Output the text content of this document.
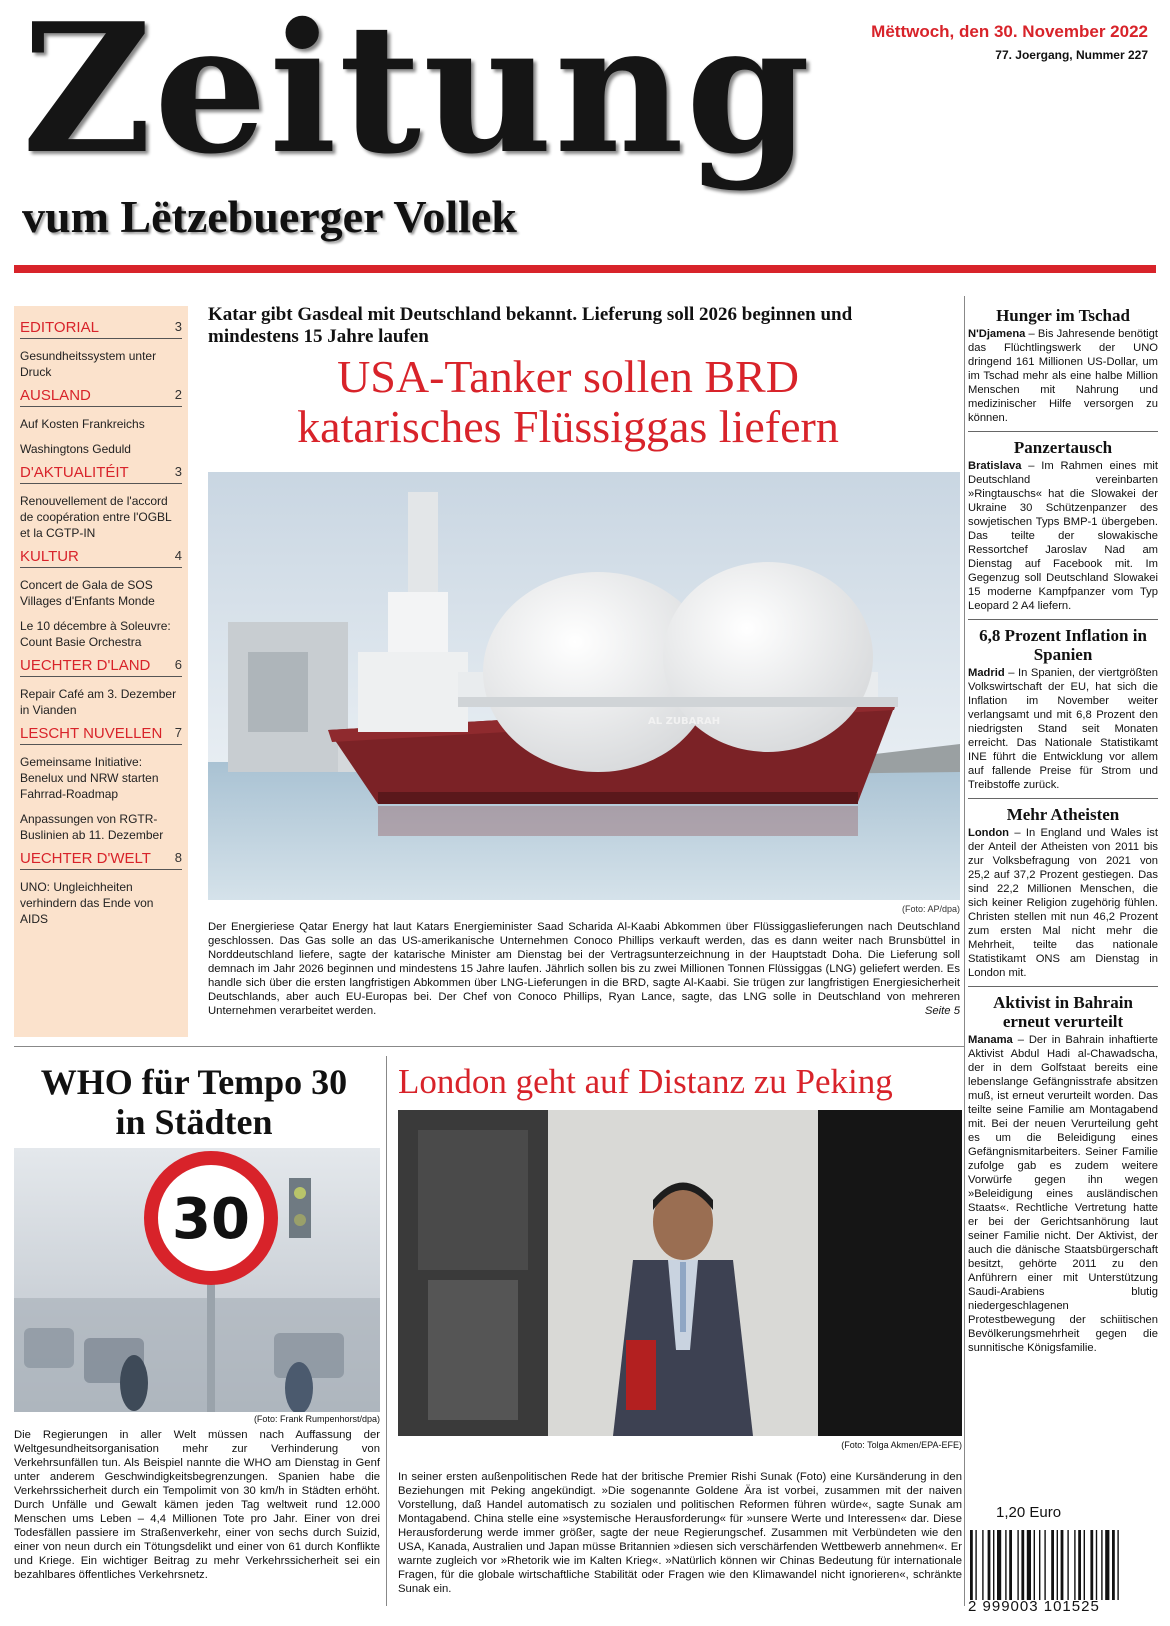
Zeitung
vum Lëtzebuerger Vollek
Mëttwoch, den 30. November 2022
77. Joergang, Nummer 227
EDITORIAL	3
Gesundheitssystem unter Druck
AUSLAND	2
Auf Kosten Frankreichs
Washingtons Geduld
D'AKTUALITÉIT	3
Renouvellement de l'accord de coopération entre l'OGBL et la CGTP-IN
KULTUR	4
Concert de Gala de SOS Villages d'Enfants Monde
Le 10 décembre à Soleuvre: Count Basie Orchestra
UECHTER D'LAND 6
Repair Café am 3. Dezember in Vianden
LESCHT NUVELLEN 7
Gemeinsame Initiative: Benelux und NRW starten Fahrrad-Roadmap
Anpassungen von RGTR-Buslinien ab 11. Dezember
UECHTER D'WELT 8
UNO: Ungleichheiten verhindern das Ende von AIDS
Katar gibt Gasdeal mit Deutschland bekannt. Lieferung soll 2026 beginnen und mindestens 15 Jahre laufen
USA-Tanker sollen BRD
katarisches Flüssiggas liefern
AL ZUBARAH
(Foto: AP/dpa)
Der Energieriese Qatar Energy hat laut Katars Energieminister Saad Scharida Al-Kaabi Abkommen über Flüssiggaslieferungen nach Deutschland geschlossen. Das Gas solle an das US-amerikanische Unternehmen Conoco Phillips verkauft werden, das es dann weiter nach Brunsbüttel in Norddeutschland liefere, sagte der katarische Minister am Dienstag bei der Vertragsunterzeichnung in der Hauptstadt Doha. Die Lieferung soll demnach im Jahr 2026 beginnen und mindestens 15 Jahre laufen. Jährlich sollen bis zu zwei Millionen Tonnen Flüssiggas (LNG) geliefert werden. Es handle sich über die ersten langfristigen Abkommen über LNG-Lieferungen in die BRD, sagte Al-Kaabi. Sie trügen zur langfristigen Energiesicherheit Deutschlands, aber auch EU-Europas bei. Der Chef von Conoco Phillips, Ryan Lance, sagte, das LNG solle in Deutschland von mehreren Unternehmen verarbeitet werden.	Seite 5
Hunger im Tschad
N'Djamena – Bis Jahresende benötigt das Flüchtlingswerk der UNO dringend 161 Millionen US-Dollar, um im Tschad mehr als eine halbe Million Menschen mit Nahrung und medizinischer Hilfe versorgen zu können.
Panzertausch
Bratislava – Im Rahmen eines mit Deutschland vereinbarten »Ringtauschs« hat die Slowakei der Ukraine 30 Schützenpanzer des sowjetischen Typs BMP-1 übergeben. Das teilte der slowakische Ressortchef Jaroslav Nad am Dienstag auf Facebook mit. Im Gegenzug soll Deutschland Slowakei 15 moderne Kampfpanzer vom Typ Leopard 2 A4 liefern.
6,8 Prozent Inflation in Spanien
Madrid – In Spanien, der viertgrößten Volkswirtschaft der EU, hat sich die Inflation im November weiter verlangsamt und mit 6,8 Prozent den niedrigsten Stand seit Monaten erreicht. Das Nationale Statistikamt INE führt die Entwicklung vor allem auf fallende Preise für Strom und Treibstoffe zurück.
Mehr Atheisten
London – In England und Wales ist der Anteil der Atheisten von 2011 bis zur Volksbefragung von 2021 von 25,2 auf 37,2 Prozent gestiegen. Das sind 22,2 Millionen Menschen, die sich keiner Religion zugehörig fühlen. Christen stellen mit nun 46,2 Prozent zum ersten Mal nicht mehr die Mehrheit, teilte das nationale Statistikamt ONS am Dienstag in London mit.
Aktivist in Bahrain erneut verurteilt
Manama – Der in Bahrain inhaftierte Aktivist Abdul Hadi al-Chawadscha, der in dem Golfstaat bereits eine lebenslange Gefängnisstrafe absitzen muß, ist erneut verurteilt worden. Das teilte seine Familie am Montagabend mit. Bei der neuen Verurteilung geht es um die Beleidigung eines Gefängnismitarbeiters. Seiner Familie zufolge gab es zudem weitere Vorwürfe gegen ihn wegen »Beleidigung eines ausländischen Staats«. Rechtliche Vertretung hatte er bei der Gerichtsanhörung laut seiner Familie nicht. Der Aktivist, der auch die dänische Staatsbürgerschaft besitzt, gehörte 2011 zu den Anführern einer mit Unterstützung Saudi-Arabiens blutig niedergeschlagenen Protestbewegung der schiitischen Bevölkerungsmehrheit gegen die sunnitische Königsfamilie.
1,20 Euro
2 999003 101525
WHO für Tempo 30
in Städten
30
(Foto: Frank Rumpenhorst/dpa)
Die Regierungen in aller Welt müssen nach Auffassung der Weltgesundheitsorganisation mehr zur Verhinderung von Verkehrsunfällen tun. Als Beispiel nannte die WHO am Dienstag in Genf unter anderem Geschwindigkeitsbegrenzungen. Spanien habe die Verkehrssicherheit durch ein Tempolimit von 30 km/h in Städten erhöht. Durch Unfälle und Gewalt kämen jeden Tag weltweit rund 12.000 Menschen ums Leben – 4,4 Millionen Tote pro Jahr. Einer von drei Todesfällen passiere im Straßenverkehr, einer von sechs durch Suizid, einer von neun durch ein Tötungsdelikt und einer von 61 durch Konflikte und Kriege. Ein wichtiger Beitrag zu mehr Verkehrssicherheit sei ein bezahlbares öffentliches Verkehrsnetz.
London geht auf Distanz zu Peking
(Foto: Tolga Akmen/EPA-EFE)
In seiner ersten außenpolitischen Rede hat der britische Premier Rishi Sunak (Foto) eine Kursänderung in den Beziehungen mit Peking angekündigt. »Die sogenannte Goldene Ära ist vorbei, zusammen mit der naiven Vorstellung, daß Handel automatisch zu sozialen und politischen Reformen führen würde«, sagte Sunak am Montagabend. China stelle eine »systemische Herausforderung« für »unsere Werte und Interessen« dar. Diese Herausforderung werde immer größer, sagte der neue Regierungschef. Zusammen mit Verbündeten wie den USA, Kanada, Australien und Japan müsse Britannien »diesen sich verschärfenden Wettbewerb annehmen«. Er warnte zugleich vor »Rhetorik wie im Kalten Krieg«. »Natürlich können wir Chinas Bedeutung für internationale Fragen, für die globale wirtschaftliche Stabilität oder Fragen wie den Klimawandel nicht ignorieren«, schränkte Sunak ein.
